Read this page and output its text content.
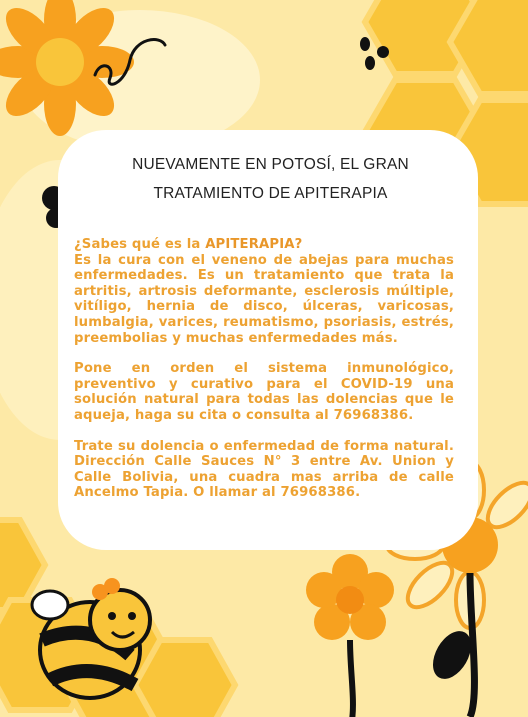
NUEVAMENTE EN POTOSÍ, EL GRAN
TRATAMIENTO DE APITERAPIA

¿Sabes qué es la APITERAPIA?

Es la cura con el veneno de abejas para muchas enfermedades. Es un tratamiento que trata la artritis, artrosis deformante, esclerosis múltiple, vitíligo, hernia de disco, úlceras, varicosas, lumbalgia, varices, reumatismo, psoriasis, estrés, preembolias y muchas enfermedades más.

Pone en orden el sistema inmunológico, preventivo y curativo para el COVID-19 una solución natural para todas las dolencias que le aqueja, haga su cita o consulta al 76968386.

Trate su dolencia o enfermedad de forma natural. Dirección Calle Sauces N° 3 entre Av. Union y Calle Bolivia, una cuadra mas arriba de calle Ancelmo Tapia. O llamar al 76968386.
